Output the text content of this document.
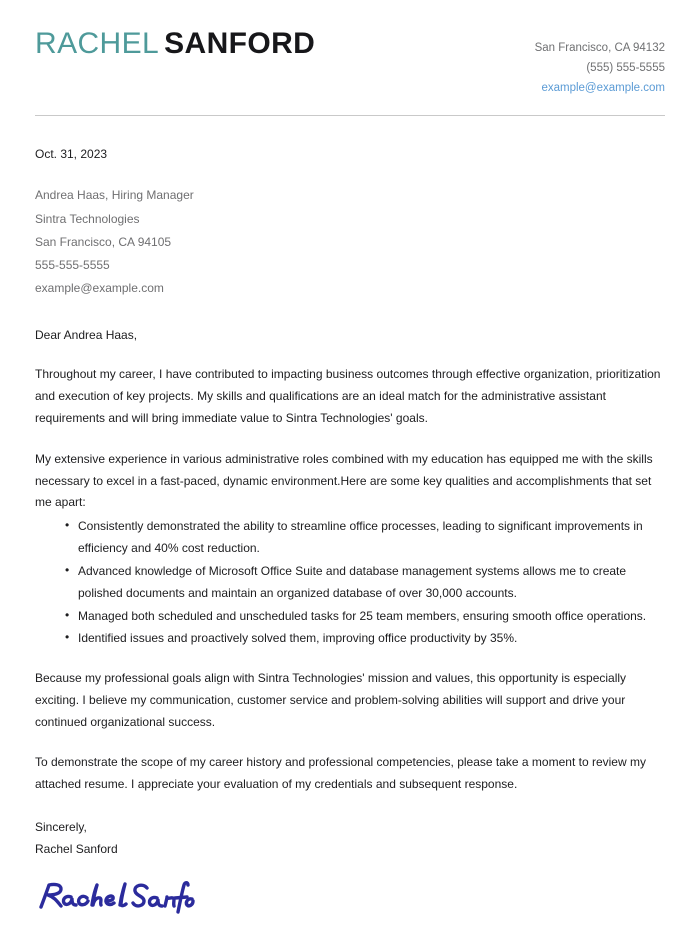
RACHEL SANFORD	San Francisco, CA 94132
(555) 555-5555
example@example.com
Oct. 31, 2023
Andrea Haas, Hiring Manager
Sintra Technologies
San Francisco, CA 94105
555-555-5555
example@example.com
Dear Andrea Haas,
Throughout my career, I have contributed to impacting business outcomes through effective organization, prioritization and execution of key projects. My skills and qualifications are an ideal match for the administrative assistant requirements and will bring immediate value to Sintra Technologies' goals.
My extensive experience in various administrative roles combined with my education has equipped me with the skills necessary to excel in a fast-paced, dynamic environment.Here are some key qualities and accomplishments that set me apart:
• Consistently demonstrated the ability to streamline office processes, leading to significant improvements in efficiency and 40% cost reduction.
• Advanced knowledge of Microsoft Office Suite and database management systems allows me to create polished documents and maintain an organized database of over 30,000 accounts.
• Managed both scheduled and unscheduled tasks for 25 team members, ensuring smooth office operations.
• Identified issues and proactively solved them, improving office productivity by 35%.
Because my professional goals align with Sintra Technologies' mission and values, this opportunity is especially exciting. I believe my communication, customer service and problem-solving abilities will support and drive your continued organizational success.
To demonstrate the scope of my career history and professional competencies, please take a moment to review my attached resume. I appreciate your evaluation of my credentials and subsequent response.
Sincerely,
Rachel Sanford
